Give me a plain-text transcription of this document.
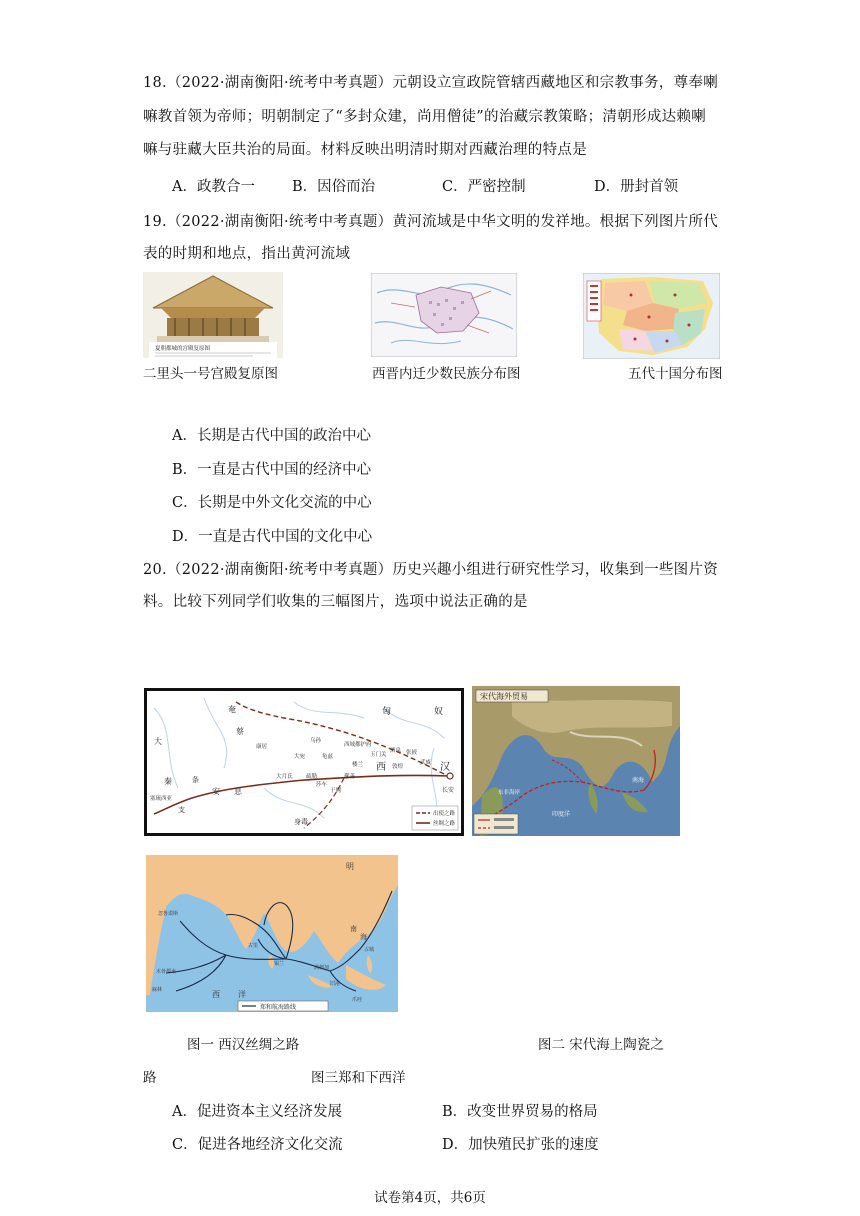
18.（2022·湖南衡阳·统考中考真题）元朝设立宣政院管辖西藏地区和宗教事务，尊奉喇
嘛教首领为帝师；明朝制定了“多封众建，尚用僧徒”的治藏宗教策略；清朝形成达赖喇
嘛与驻藏大臣共治的局面。材料反映出明清时期对西藏治理的特点是
A．政教合一	B．因俗而治	C．严密控制	D．册封首领
19.（2022·湖南衡阳·统考中考真题）黄河流域是中华文明的发祥地。根据下列图片所代
表的时期和地点，指出黄河流域
夏朝都城的宫殿复原图
二里头一号宫殿复原图	西晋内迁少数民族分布图	五代十国分布图
A．长期是古代中国的政治中心
B．一直是古代中国的经济中心
C．长期是中外文化交流的中心
D．一直是古代中国的文化中心
20.（2022·湖南衡阳·统考中考真题）历史兴趣小组进行研究性学习，收集到一些图片资
料。比较下列同学们收集的三幅图片，选项中说法正确的是
匈	奴
西	汉
长安
安 息
大
秦	条
支
塞琉西亚
大月氏
大宛
疏勒
龟兹
于阗
身毒
玉门关
敦煌
武威
张掖
酒泉
楼兰
鄯善
莎车
乌孙
康居
奄
蔡
西域都护府
出使之路
丝绸之路
宋代海外贸易
南海
印度洋
东非海岸
明
西 洋
南
海
古里
锡兰
满剌加
忽鲁谟斯
麻林
木骨都束
旧港
爪哇
占城
郑和航海路线
图一 西汉丝绸之路	图二 宋代海上陶瓷之
路	图三郑和下西洋
A．促进资本主义经济发展	B．改变世界贸易的格局
C．促进各地经济文化交流	D．加快殖民扩张的速度
试卷第4页，共6页
